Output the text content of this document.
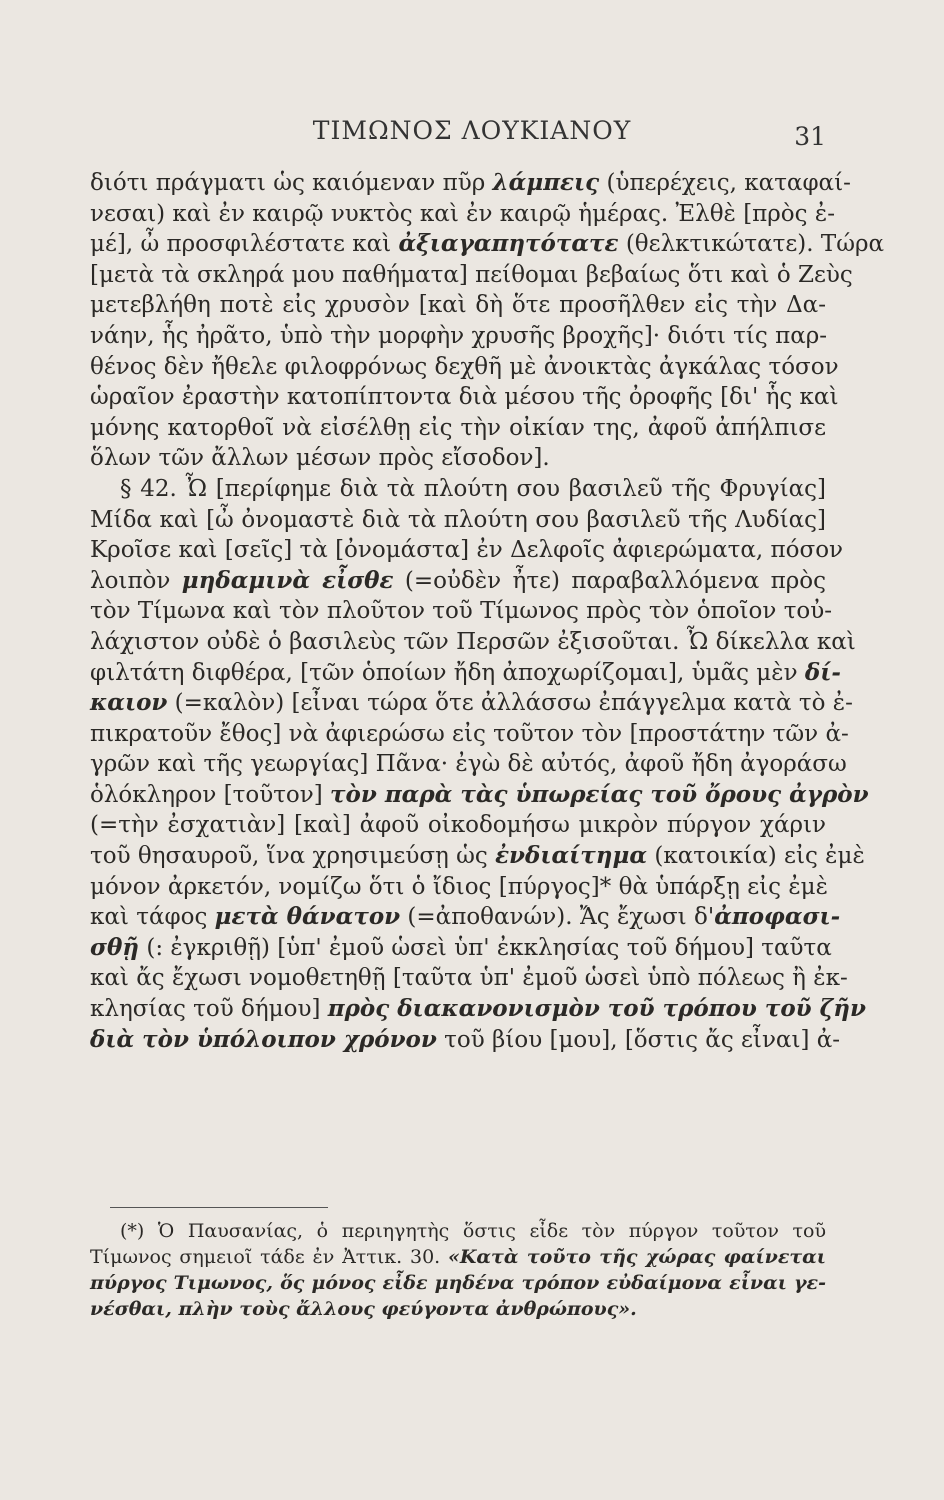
ΤΙΜΩΝΟΣ ΛΟΥΚΙΑΝΟΥ	31
διότι πράγματι ὡς καιόμεναν πῦρ λάμπεις (ὑπερέχεις, καταφαί-
νεσαι) καὶ ἐν καιρῷ νυκτὸς καὶ ἐν καιρῷ ἡμέρας. Ἐλθὲ [πρὸς ἐ-
μέ], ὦ προσφιλέστατε καὶ ἀξιαγαπητότατε (θελκτικώτατε). Τώρα
[μετὰ τὰ σκληρά μου παθήματα] πείθομαι βεβαίως ὅτι καὶ ὁ Ζεὺς
μετεβλήθη ποτὲ εἰς χρυσὸν [καὶ δὴ ὅτε προσῆλθεν εἰς τὴν Δα-
νάην, ἧς ἠρᾶτο, ὑπὸ τὴν μορφὴν χρυσῆς βροχῆς]· διότι τίς παρ-
θένος δὲν ἤθελε φιλοφρόνως δεχθῆ μὲ ἀνοικτὰς ἀγκάλας τόσον
ὡραῖον ἐραστὴν κατοπίπτοντα διὰ μέσου τῆς ὀροφῆς [δι' ἧς καὶ
μόνης κατορθοῖ νὰ εἰσέλθῃ εἰς τὴν οἰκίαν της, ἀφοῦ ἀπήλπισε
ὅλων τῶν ἄλλων μέσων πρὸς εἴσοδον].
§ 42. Ὦ [περίφημε διὰ τὰ πλούτη σου βασιλεῦ τῆς Φρυγίας]
Μίδα καὶ [ὦ ὀνομαστὲ διὰ τὰ πλούτη σου βασιλεῦ τῆς Λυδίας]
Κροῖσε καὶ [σεῖς] τὰ [ὀνομάστα] ἐν Δελφοῖς ἀφιερώματα, πόσον
λοιπὸν μηδαμινὰ εἶσθε (=οὐδὲν ἦτε) παραβαλλόμενα πρὸς
τὸν Τίμωνα καὶ τὸν πλοῦτον τοῦ Τίμωνος πρὸς τὸν ὁποῖον τοὐ-
λάχιστον οὐδὲ ὁ βασιλεὺς τῶν Περσῶν ἐξισοῦται. Ὦ δίκελλα καὶ
φιλτάτη διφθέρα, [τῶν ὁποίων ἤδη ἀποχωρίζομαι], ὑμᾶς μὲν δί-
καιον (=καλὸν) [εἶναι τώρα ὅτε ἀλλάσσω ἐπάγγελμα κατὰ τὸ ἐ-
πικρατοῦν ἔθος] νὰ ἀφιερώσω εἰς τοῦτον τὸν [προστάτην τῶν ἀ-
γρῶν καὶ τῆς γεωργίας] Πᾶνα· ἐγὼ δὲ αὐτός, ἀφοῦ ἤδη ἀγοράσω
ὁλόκληρον [τοῦτον] τὸν παρὰ τὰς ὑπωρείας τοῦ ὄρους ἀγρὸν
(=τὴν ἐσχατιὰν] [καὶ] ἀφοῦ οἰκοδομήσω μικρὸν πύργον χάριν
τοῦ θησαυροῦ, ἵνα χρησιμεύσῃ ὡς ἐνδιαίτημα (κατοικία) εἰς ἐμὲ
μόνον ἀρκετόν, νομίζω ὅτι ὁ ἴδιος [πύργος]* θὰ ὑπάρξῃ εἰς ἐμὲ
καὶ τάφος μετὰ θάνατον (=ἀποθανών). Ἄς ἔχωσι δ'ἀποφασι-
σθῇ (: ἐγκριθῇ) [ὑπ' ἐμοῦ ὡσεὶ ὑπ' ἐκκλησίας τοῦ δήμου] ταῦτα
καὶ ἄς ἔχωσι νομοθετηθῇ [ταῦτα ὑπ' ἐμοῦ ὡσεὶ ὑπὸ πόλεως ἢ ἐκ-
κλησίας τοῦ δήμου] πρὸς διακανονισμὸν τοῦ τρόπου τοῦ ζῆν
διὰ τὸν ὑπόλοιπον χρόνον τοῦ βίου [μου], [ὅστις ἄς εἶναι] ἀ-
(*) Ὁ Παυσανίας, ὁ περιηγητὴς ὅστις εἶδε τὸν πύργον τοῦτον τοῦ
Τίμωνος σημειοῖ τάδε ἐν Ἀττικ. 30. «Κατὰ τοῦτο τῆς χώρας φαίνεται
πύργος Τιμωνος, ὅς μόνος εἶδε μηδένα τρόπον εὐδαίμονα εἶναι γε-
νέσθαι, πλὴν τοὺς ἄλλους φεύγοντα ἀνθρώπους».
